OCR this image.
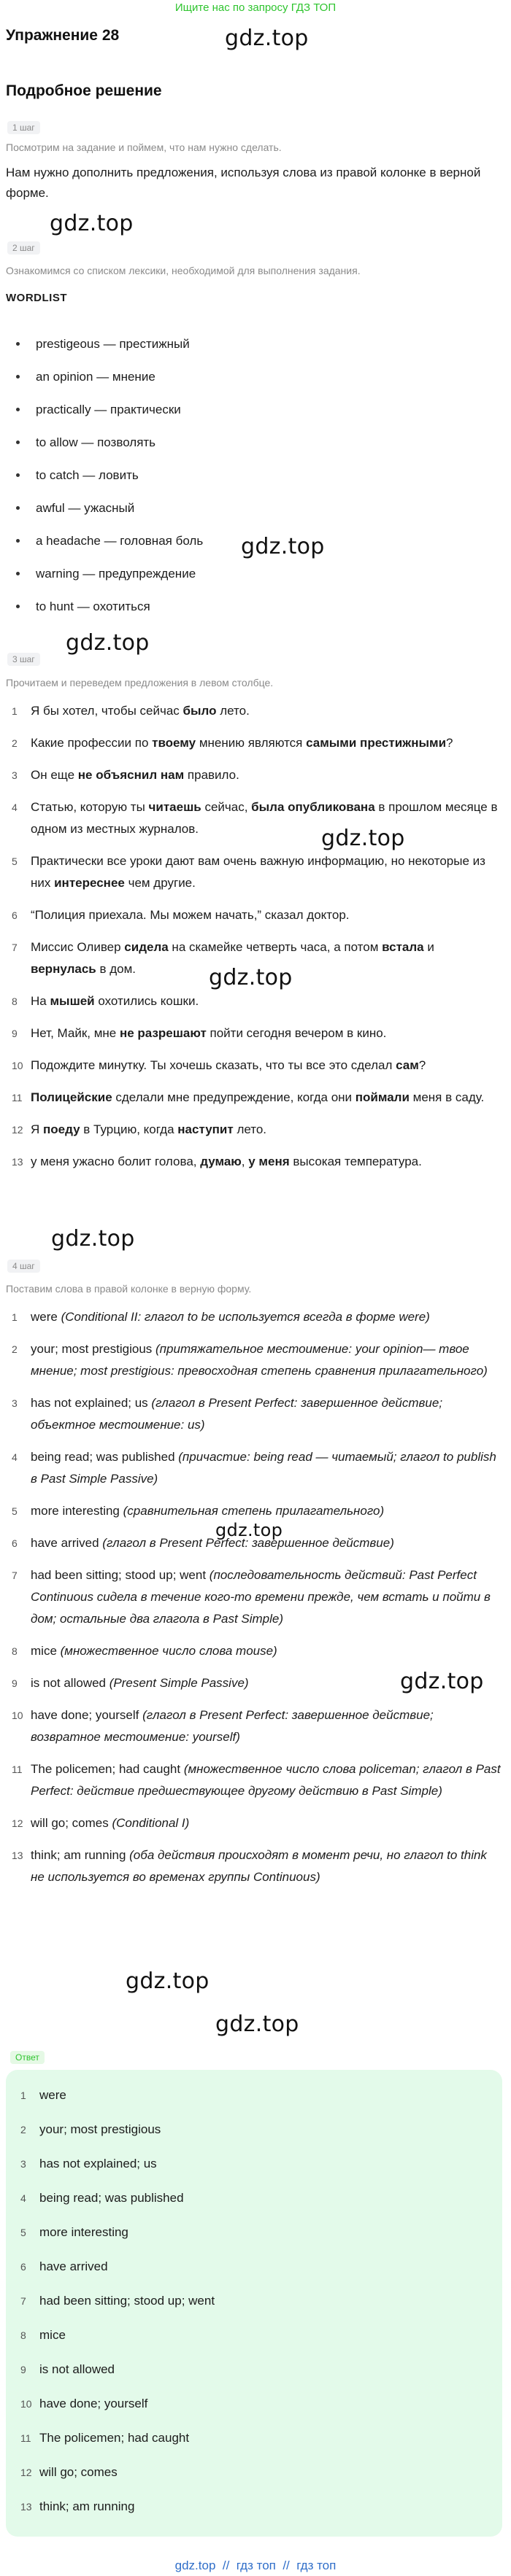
Ищите нас по запросу ГДЗ ТОП
gdz.top
gdz.top
gdz.top
gdz.top
gdz.top
gdz.top
gdz.top
gdz.top
gdz.top
gdz.top
gdz.top
Упражнение 28
Подробное решение
1 шаг
Посмотрим на задание и поймем, что нам нужно сделать.
Нам нужно дополнить предложения, используя слова из правой колонке в верной форме.
2 шаг
Ознакомимся со списком лексики, необходимой для выполнения задания.
WORDLIST
prestigeous — престижный
an opinion — мнение
practically — практически
to allow — позволять
to catch — ловить
awful — ужасный
a headache — головная боль
warning — предупреждение
to hunt — охотиться
3 шаг
Прочитаем и переведем предложения в левом столбце.
1 Я бы хотел, чтобы сейчас было лето.
2 Какие профессии по твоему мнению являются самыми престижными?
3 Он еще не объяснил нам правило.
4 Статью, которую ты читаешь сейчас, была опубликована в прошлом месяце в одном из местных журналов.
5 Практически все уроки дают вам очень важную информацию, но некоторые из них интереснее чем другие.
6 “Полиция приехала. Мы можем начать,” сказал доктор.
7 Миссис Оливер сидела на скамейке четверть часа, а потом встала и вернулась в дом.
8 На мышей охотились кошки.
9 Нет, Майк, мне не разрешают пойти сегодня вечером в кино.
10 Подождите минутку. Ты хочешь сказать, что ты все это сделал сам?
11 Полицейские сделали мне предупреждение, когда они поймали меня в саду.
12 Я поеду в Турцию, когда наступит лето.
13 у меня ужасно болит голова, думаю, у меня высокая температура.
4 шаг
Поставим слова в правой колонке в верную форму.
1 were (Conditional II: глагол to be используется всегда в форме were)
2 your; most prestigious (притяжательное местоимение: your opinion— твое мнение; most prestigious: превосходная степень сравнения прилагательного)
3 has not explained; us (глагол в Present Perfect: завершенное действие; объектное местоимение: us)
4 being read; was published (причастие: being read — читаемый; глагол to publish в Past Simple Passive)
5 more interesting (сравнительная степень прилагательного)
6 have arrived (глагол в Present Perfect: завершенное действие)
7 had been sitting; stood up; went (последовательность действий: Past Perfect Continuous сидела в течение кого-то времени прежде, чем встать и пойти в дом; остальные два глагола в Past Simple)
8 mice (множественное число слова mouse)
9 is not allowed (Present Simple Passive)
10 have done; yourself (глагол в Present Perfect: завершенное действие; возвратное местоимение: yourself)
11 The policemen; had caught (множественное число слова policeman; глагол в Past Perfect: действие предшествующее другому действию в Past Simple)
12 will go; comes (Conditional I)
13 think; am running (оба действия происходят в момент речи, но глагол to think не используется во временах группы Continuous)
Ответ
1 were
2 your; most prestigious
3 has not explained; us
4 being read; was published
5 more interesting
6 have arrived
7 had been sitting; stood up; went
8 mice
9 is not allowed
10 have done; yourself
11 The policemen; had caught
12 will go; comes
13 think; am running
gdz.top  //  гдз топ  //  гдз топ
